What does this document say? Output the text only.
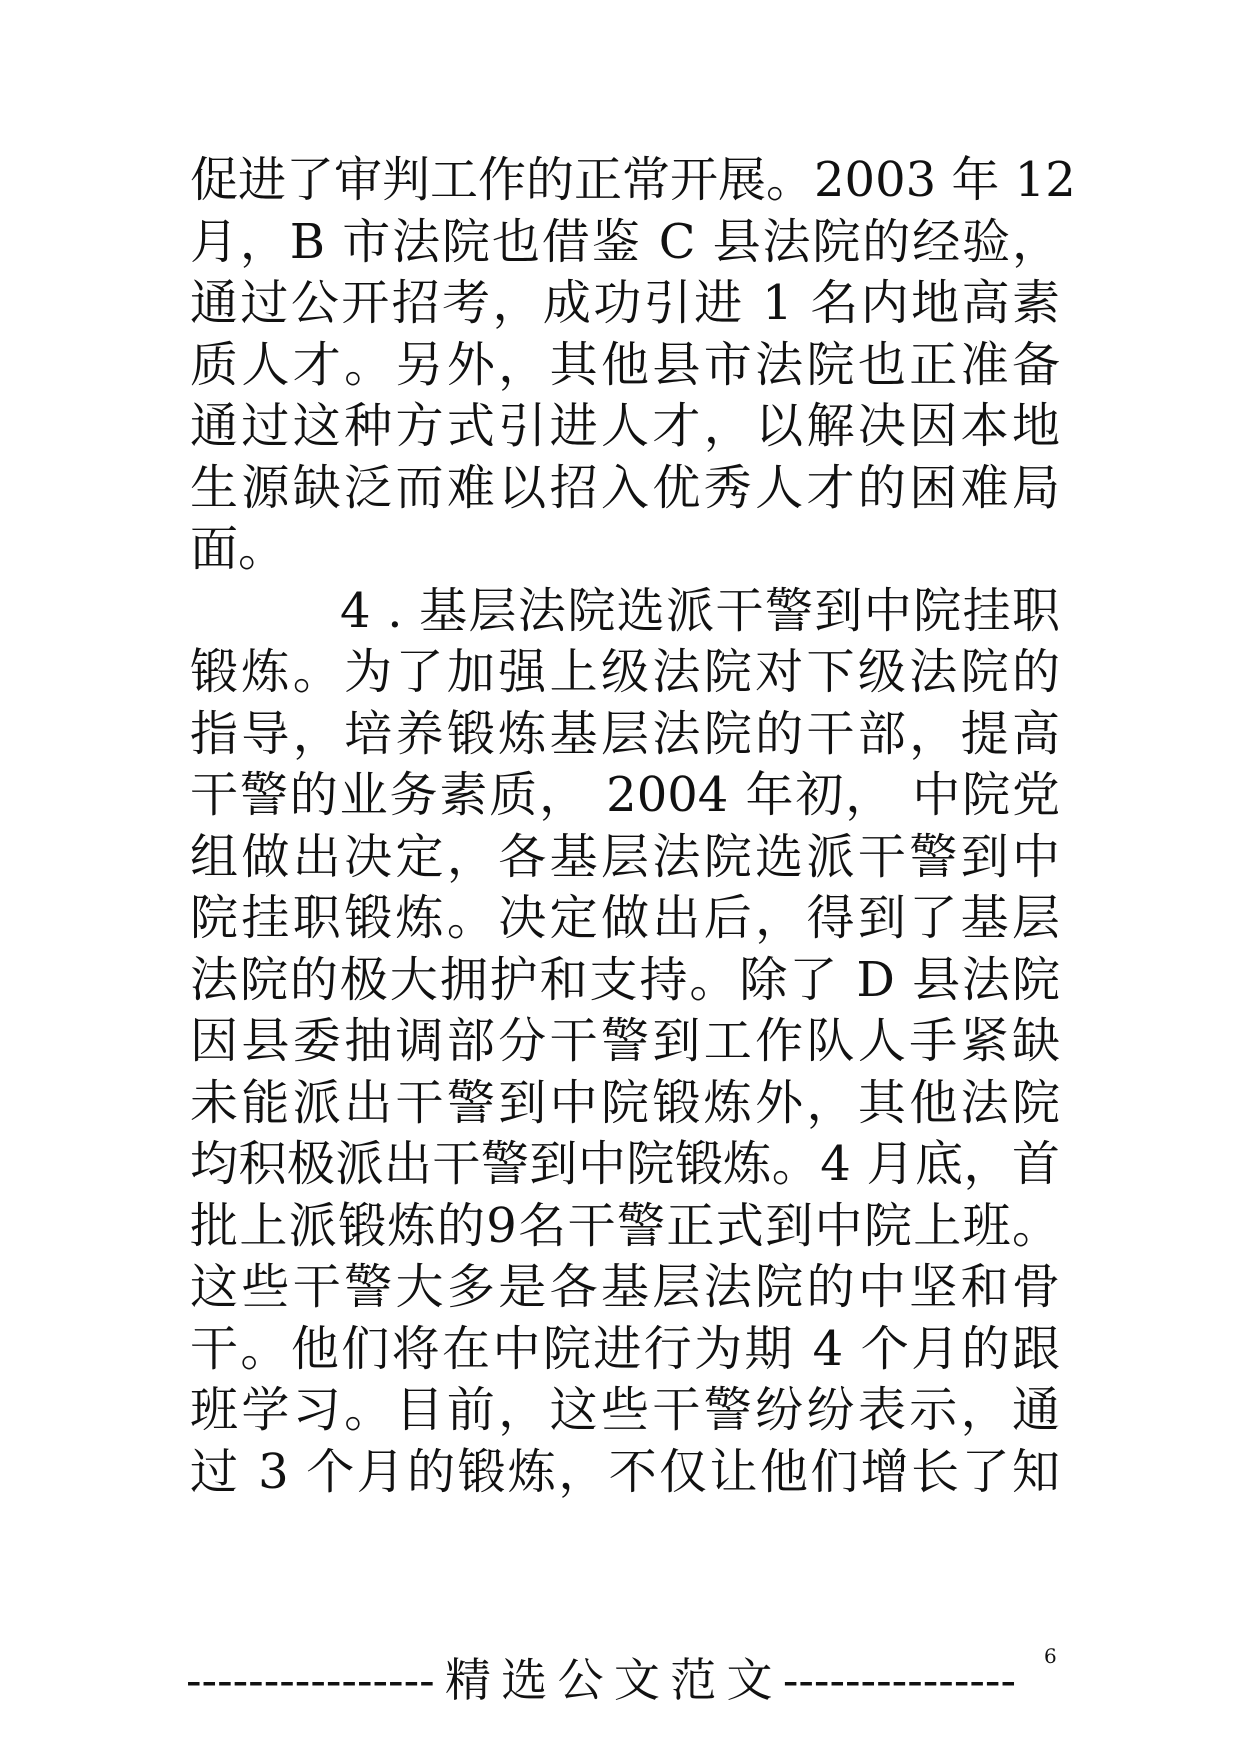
促进了审判工作的正常开展。2003 年 12
月，B 市法院也借鉴 C 县法院的经验，
通过公开招考，成功引进 1 名内地高素
质人才。另外，其他县市法院也正准备
通过这种方式引进人才，以解决因本地
生源缺泛而难以招入优秀人才的困难局
面。
4 . 基层法院选派干警到中院挂职
锻炼。为了加强上级法院对下级法院的
指导，培养锻炼基层法院的干部，提高
干警的业务素质， 2004 年初， 中院党
组做出决定，各基层法院选派干警到中
院挂职锻炼。决定做出后，得到了基层
法院的极大拥护和支持。除了 D 县法院
因县委抽调部分干警到工作队人手紧缺
未能派出干警到中院锻炼外，其他法院
均积极派出干警到中院锻炼。4 月底，首
批上派锻炼的9名干警正式到中院上班。
这些干警大多是各基层法院的中坚和骨
干。他们将在中院进行为期 4 个月的跟
班学习。目前，这些干警纷纷表示，通
过 3 个月的锻炼，不仅让他们增长了知
----------------精选公文范文--------------- 6
